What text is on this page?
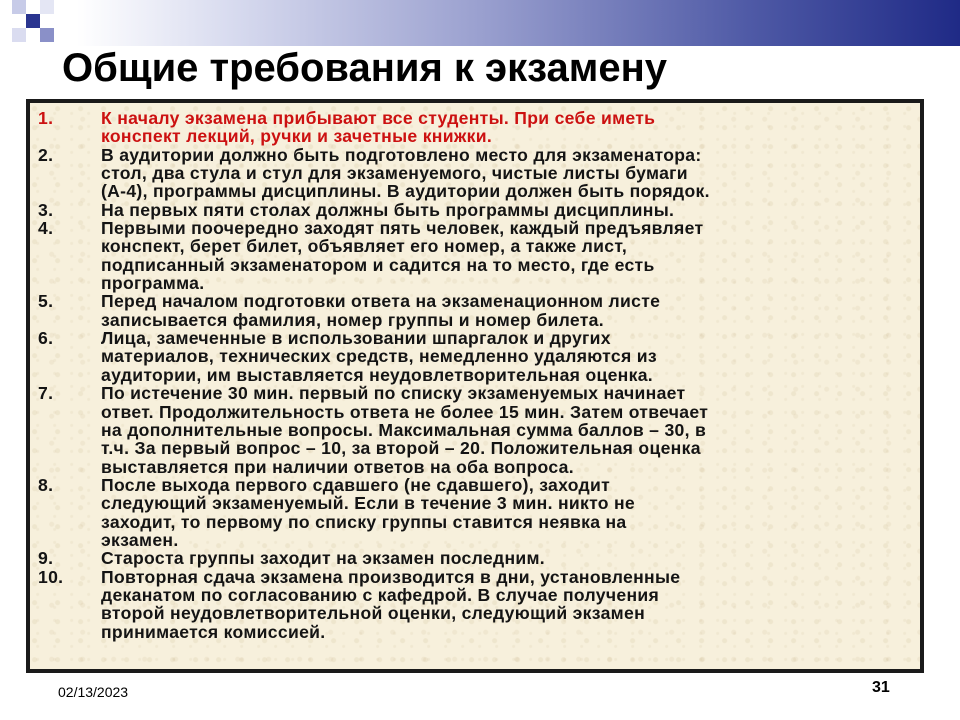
Общие требования к экзамену
1.	К началу экзамена прибывают все студенты. При себе иметь
конспект лекций, ручки и зачетные книжки.
2.	В аудитории должно быть подготовлено место для экзаменатора:
стол, два стула и стул для экзаменуемого, чистые листы бумаги
(А-4), программы дисциплины. В аудитории должен быть порядок.
3.	На первых пяти столах должны быть программы дисциплины.
4.	Первыми поочередно заходят пять человек, каждый предъявляет
конспект, берет билет, объявляет его номер, а также лист,
подписанный экзаменатором и садится на то место, где есть
программа.
5.	Перед началом подготовки ответа на экзаменационном листе
записывается фамилия, номер группы и номер билета.
6.	Лица, замеченные в использовании шпаргалок и других
материалов, технических средств, немедленно удаляются из
аудитории, им выставляется неудовлетворительная оценка.
7.	По истечение 30 мин. первый по списку экзаменуемых начинает
ответ. Продолжительность ответа не более 15 мин. Затем отвечает
на дополнительные вопросы. Максимальная сумма баллов – 30, в
т.ч. За первый вопрос – 10, за второй – 20. Положительная оценка
выставляется при наличии ответов на оба вопроса.
8.	После выхода первого сдавшего (не сдавшего), заходит
следующий экзаменуемый. Если в течение 3 мин. никто не
заходит, то первому по списку группы ставится неявка на
экзамен.
9.	Староста группы заходит на экзамен последним.
10.	Повторная сдача экзамена производится в дни, установленные
деканатом по согласованию с кафедрой. В случае получения
второй неудовлетворительной оценки, следующий экзамен
принимается комиссией.
02/13/2023	31
